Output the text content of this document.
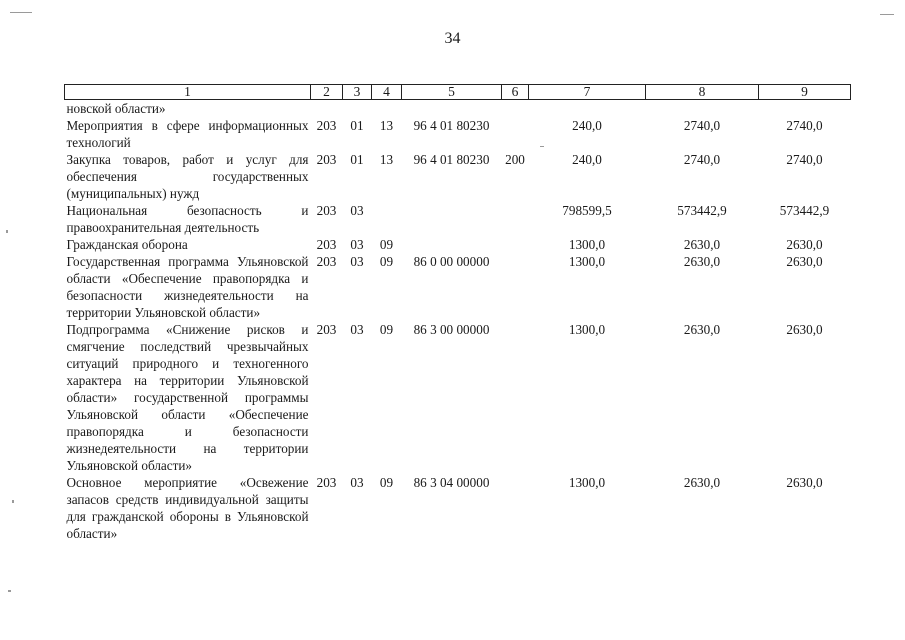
34
1	2	3	4	5	6	7	8	9
новской области»								
Мероприятия в сфере информационных технологий	203	01	13	96 4 01 80230		240,0	2740,0	2740,0
Закупка товаров, работ и услуг для обеспечения государственных (муниципальных) нужд	203	01	13	96 4 01 80230	200	240,0	2740,0	2740,0
Национальная безопасность и правоохранительная деятельность	203	03				798599,5	573442,9	573442,9
Гражданская оборона	203	03	09			1300,0	2630,0	2630,0
Государственная программа Ульяновской области «Обеспечение правопорядка и безопасности жизнедеятельности на территории Ульяновской области»	203	03	09	86 0 00 00000		1300,0	2630,0	2630,0
Подпрограмма «Снижение рисков и смягчение последствий чрезвычайных ситуаций природного и техногенного характера на территории Ульяновской области» государственной программы Ульяновской области «Обеспечение правопорядка и безопасности жизнедеятельности на территории Ульяновской области»	203	03	09	86 3 00 00000		1300,0	2630,0	2630,0
Основное мероприятие «Освежение запасов средств индивидуальной защиты для гражданской обороны в Ульяновской области»	203	03	09	86 3 04 00000		1300,0	2630,0	2630,0
